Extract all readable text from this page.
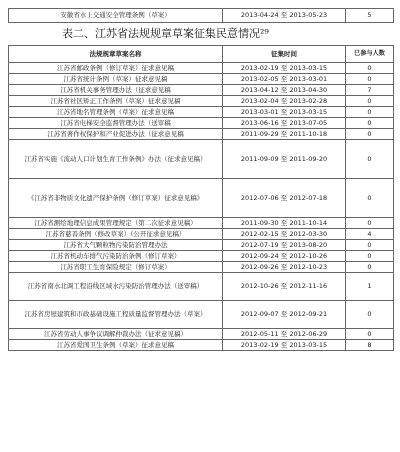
安徽省水上交通安全管理条例（草案）	2013-04-24 至 2013-05-23	5
表二、江苏省法规规章草案征集民意情况²⁹
法规规章草案名称	征集时间	已参与人数
江苏省邮政条例（修订草案）征求意见稿	2013-02-19 至 2013-03-15	0
江苏省统计条例（草案）征求意见稿	2013-02-05 至 2013-03-01	0
江苏省机关事务管理办法（征求意见稿	2013-04-12 至 2013-04-30	7
江苏省社区矫正工作条例（草案）征求意见稿	2013-02-04 至 2013-02-28	0
江苏省地名管理条例（草案）征求意见稿	2013-03-01 至 2013-03-15	0
江苏省电梯安全监督管理办法（送审稿	2013-06-16 至 2013-07-05	0
江苏省著作权保护和产业促进办法（征求意见稿	2011-09-29 至 2011-10-18	0
江苏省实施《流动人口计划生育工作条例》办法（征求意见稿）	2011-09-09 至 2011-09-20	0
《江苏省非物质文化遗产保护条例（修订草案）征求意见稿》	2012-07-06 至 2012-07-18	0
江苏省测绘地理信息成果管理规定（第二次征求意见稿）	2011-09-30 至 2011-10-14	0
江苏省慈善条例（修改草案）（公开征求意见稿）	2012-02-15 至 2012-03-30	4
江苏省大气颗粒物污染防治管理办法	2012-07-19 至 2013-08-20	0
江苏省机动车排气污染防治条例（修订草案）	2012-09-24 至 2012-10-26	0
江苏省职工生育保险规定（修订草案）	2012-09-26 至 2012-10-23	0
江苏省南水北调工程沿线区域水污染防治管理办法（送审稿）	2012-10-26 至 2012-11-16	1
江苏省房屋建筑和市政基础设施工程质量监督管理办法（草案）	2012-09-07 至 2012-09-21	0
江苏省劳动人事争议调解仲裁办法（征求意见稿）	2012-05-11 至 2012-06-29	0
江苏省爱国卫生条例（草案）征求意见稿	2013-02-19 至 2013-03-15	8
